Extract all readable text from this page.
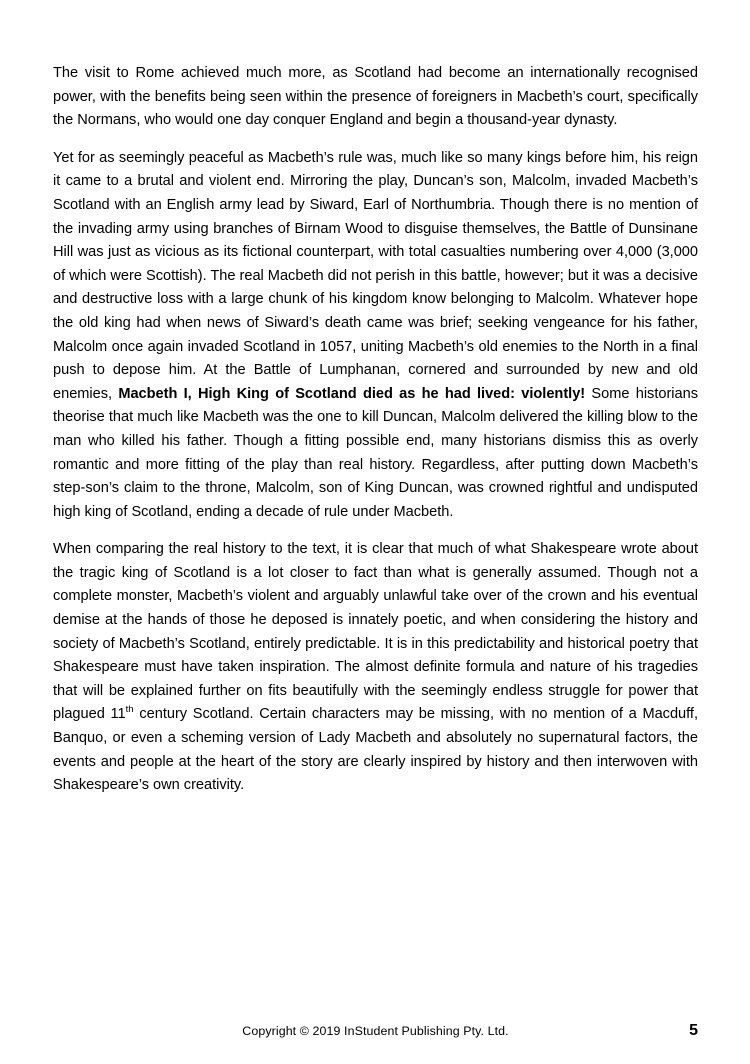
The visit to Rome achieved much more, as Scotland had become an internationally recognised power, with the benefits being seen within the presence of foreigners in Macbeth’s court, specifically the Normans, who would one day conquer England and begin a thousand-year dynasty.

Yet for as seemingly peaceful as Macbeth’s rule was, much like so many kings before him, his reign it came to a brutal and violent end. Mirroring the play, Duncan’s son, Malcolm, invaded Macbeth’s Scotland with an English army lead by Siward, Earl of Northumbria. Though there is no mention of the invading army using branches of Birnam Wood to disguise themselves, the Battle of Dunsinane Hill was just as vicious as its fictional counterpart, with total casualties numbering over 4,000 (3,000 of which were Scottish). The real Macbeth did not perish in this battle, however; but it was a decisive and destructive loss with a large chunk of his kingdom know belonging to Malcolm. Whatever hope the old king had when news of Siward’s death came was brief; seeking vengeance for his father, Malcolm once again invaded Scotland in 1057, uniting Macbeth’s old enemies to the North in a final push to depose him. At the Battle of Lumphanan, cornered and surrounded by new and old enemies, Macbeth I, High King of Scotland died as he had lived: violently! Some historians theorise that much like Macbeth was the one to kill Duncan, Malcolm delivered the killing blow to the man who killed his father. Though a fitting possible end, many historians dismiss this as overly romantic and more fitting of the play than real history. Regardless, after putting down Macbeth’s step-son’s claim to the throne, Malcolm, son of King Duncan, was crowned rightful and undisputed high king of Scotland, ending a decade of rule under Macbeth.

When comparing the real history to the text, it is clear that much of what Shakespeare wrote about the tragic king of Scotland is a lot closer to fact than what is generally assumed. Though not a complete monster, Macbeth’s violent and arguably unlawful take over of the crown and his eventual demise at the hands of those he deposed is innately poetic, and when considering the history and society of Macbeth’s Scotland, entirely predictable. It is in this predictability and historical poetry that Shakespeare must have taken inspiration. The almost definite formula and nature of his tragedies that will be explained further on fits beautifully with the seemingly endless struggle for power that plagued 11th century Scotland. Certain characters may be missing, with no mention of a Macduff, Banquo, or even a scheming version of Lady Macbeth and absolutely no supernatural factors, the events and people at the heart of the story are clearly inspired by history and then interwoven with Shakespeare’s own creativity.

Copyright © 2019 InStudent Publishing Pty. Ltd.	5
